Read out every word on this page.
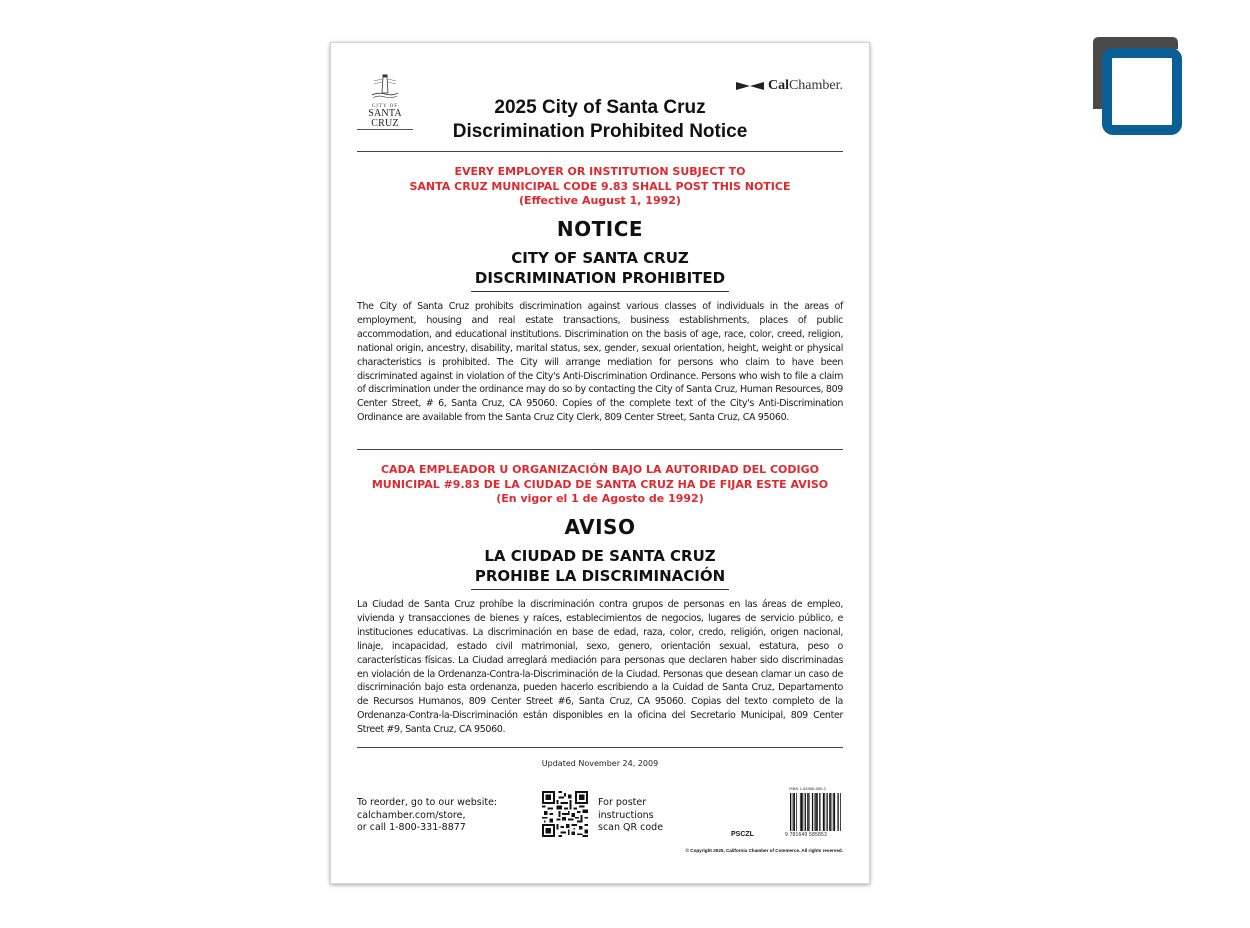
CITY OF
SANTA CRUZ
CalChamber.
2025 City of Santa Cruz
Discrimination Prohibited Notice
EVERY EMPLOYER OR INSTITUTION SUBJECT TO
SANTA CRUZ MUNICIPAL CODE 9.83 SHALL POST THIS NOTICE
(Effective August 1, 1992)
NOTICE
CITY OF SANTA CRUZ
DISCRIMINATION PROHIBITED
The City of Santa Cruz prohibits discrimination against various classes of individuals in the areas of employment, housing and real estate transactions, business establishments, places of public accommodation, and educational institutions. Discrimination on the basis of age, race, color, creed, religion, national origin, ancestry, disability, marital status, sex, gender, sexual orientation, height, weight or physical characteristics is prohibited. The City will arrange mediation for persons who claim to have been discriminated against in violation of the City's Anti-Discrimination Ordinance. Persons who wish to file a claim of discrimination under the ordinance may do so by contacting the City of Santa Cruz, Human Resources, 809 Center Street, # 6, Santa Cruz, CA 95060. Copies of the complete text of the City's Anti-Discrimination Ordinance are available from the Santa Cruz City Clerk, 809 Center Street, Santa Cruz, CA 95060.
CADA EMPLEADOR U ORGANIZACIÓN BAJO LA AUTORIDAD DEL CODIGO
MUNICIPAL #9.83 DE LA CIUDAD DE SANTA CRUZ HA DE FIJAR ESTE AVISO
(En vigor el 1 de Agosto de 1992)
AVISO
LA CIUDAD DE SANTA CRUZ
PROHIBE LA DISCRIMINACIÓN
La Ciudad de Santa Cruz prohíbe la discriminación contra grupos de personas en las áreas de empleo, vivienda y transacciones de bienes y raíces, establecimientos de negocios, lugares de servicio público, e instituciones educativas. La discriminación en base de edad, raza, color, credo, religión, origen nacional, linaje, incapacidad, estado civil matrimonial, sexo, genero, orientación sexual, estatura, peso o características físicas. La Ciudad arreglará mediación para personas que declaren haber sido discriminadas en violación de la Ordenanza-Contra-la-Discriminación de la Ciudad. Personas que desean clamar un caso de discriminación bajo esta ordenanza, pueden hacerlo escribiendo a la Cuidad de Santa Cruz, Departamento de Recursos Humanos, 809 Center Street #6, Santa Cruz, CA 95060. Copias del texto completo de la Ordenanza-Contra-la-Discriminación están disponibles en la oficina del Secretario Municipal, 809 Center Street #9, Santa Cruz, CA 95060.
Updated November 24, 2009
To reorder, go to our website:
calchamber.com/store,
or call 1-800-331-8877
For poster
instructions
scan QR code
PSCZL
ISBN 1-64586-585-3
9 781649 585853
© Copyright 2025, California Chamber of Commerce. All rights reserved.
